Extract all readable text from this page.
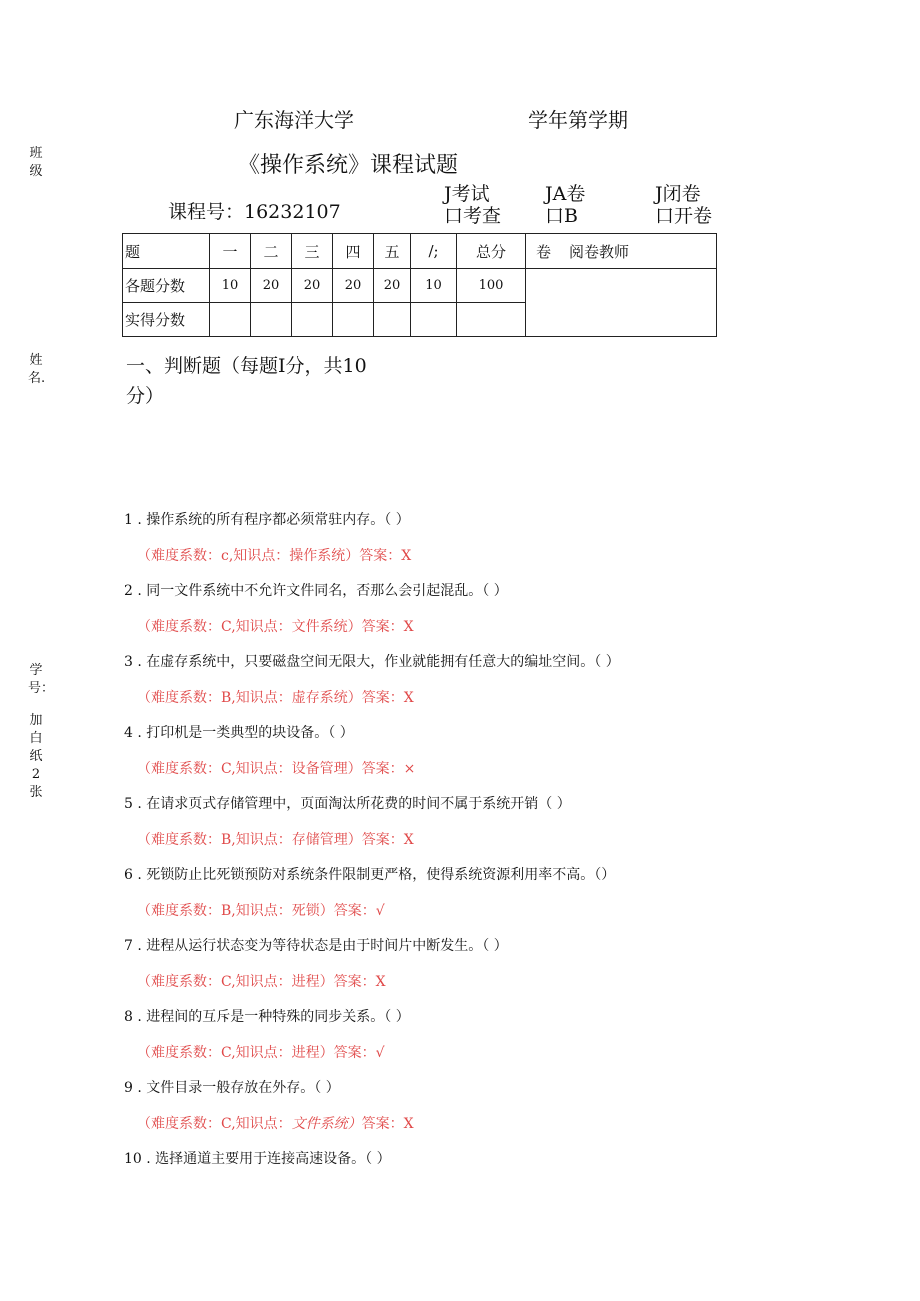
广东海洋大学	学年第学期
《操作系统》课程试题
课程号：16232107
J考试
口考查
JA卷
口B
J闭卷
口开卷
班级
姓名.
学号：
加白纸2张
题	一	二	三	四	五	/;	总分	卷 阅卷教师
各题分数	10	20	20	20	20	10	100	
实得分数								
一、判断题（每题I分，共10
分）
1 . 操作系统的所有程序都必须常驻内存。（ ）
（难度系数：c,知识点：操作系统）答案：X
2 . 同一文件系统中不允许文件同名，否那么会引起混乱。（ ）
（难度系数：C,知识点：文件系统）答案：X
3 . 在虚存系统中，只要磁盘空间无限大，作业就能拥有任意大的编址空间。（ ）
（难度系数：B,知识点：虚存系统）答案：X
4 . 打印机是一类典型的块设备。（ ）
（难度系数：C,知识点：设备管理）答案：×
5 . 在请求页式存储管理中，页面淘汰所花费的时间不属于系统开销（ ）
（难度系数：B,知识点：存储管理）答案：X
6 . 死锁防止比死锁预防对系统条件限制更严格，使得系统资源利用率不高。（）
（难度系数：B,知识点：死锁）答案：√
7 . 进程从运行状态变为等待状态是由于时间片中断发生。（ ）
（难度系数：C,知识点：进程）答案：X
8 . 进程间的互斥是一种特殊的同步关系。（ ）
（难度系数：C,知识点：进程）答案：√
9 . 文件目录一般存放在外存。（ ）
（难度系数：C,知识点：文件系统）答案：X
10 . 选择通道主要用于连接高速设备。（ ）
